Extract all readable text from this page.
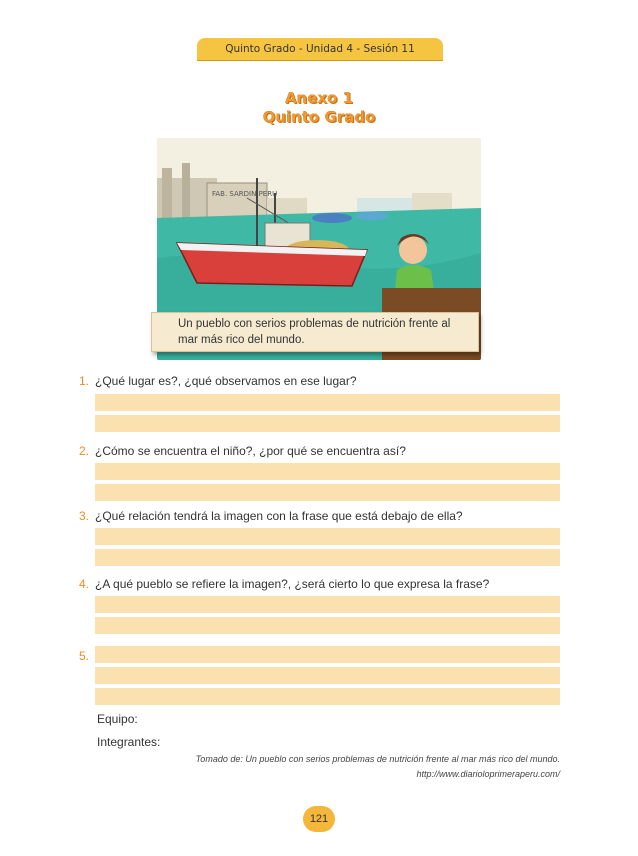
Quinto Grado - Unidad 4 - Sesión 11
Anexo 1
Quinto Grado
FAB. SARDIN PERU
Un pueblo con serios problemas de nutrición frente al mar más rico del mundo.
1. ¿Qué lugar es?, ¿qué observamos en ese lugar?
2. ¿Cómo se encuentra el niño?, ¿por qué se encuentra así?
3. ¿Qué relación tendrá la imagen con la frase que está debajo de ella?
4. ¿A qué pueblo se refiere la imagen?, ¿será cierto lo que expresa la frase?
5.
Equipo:
Integrantes:
Tomado de: Un pueblo con serios problemas de nutrición frente al mar más rico del mundo.
http://www.diarioloprimeraperu.com/
121
